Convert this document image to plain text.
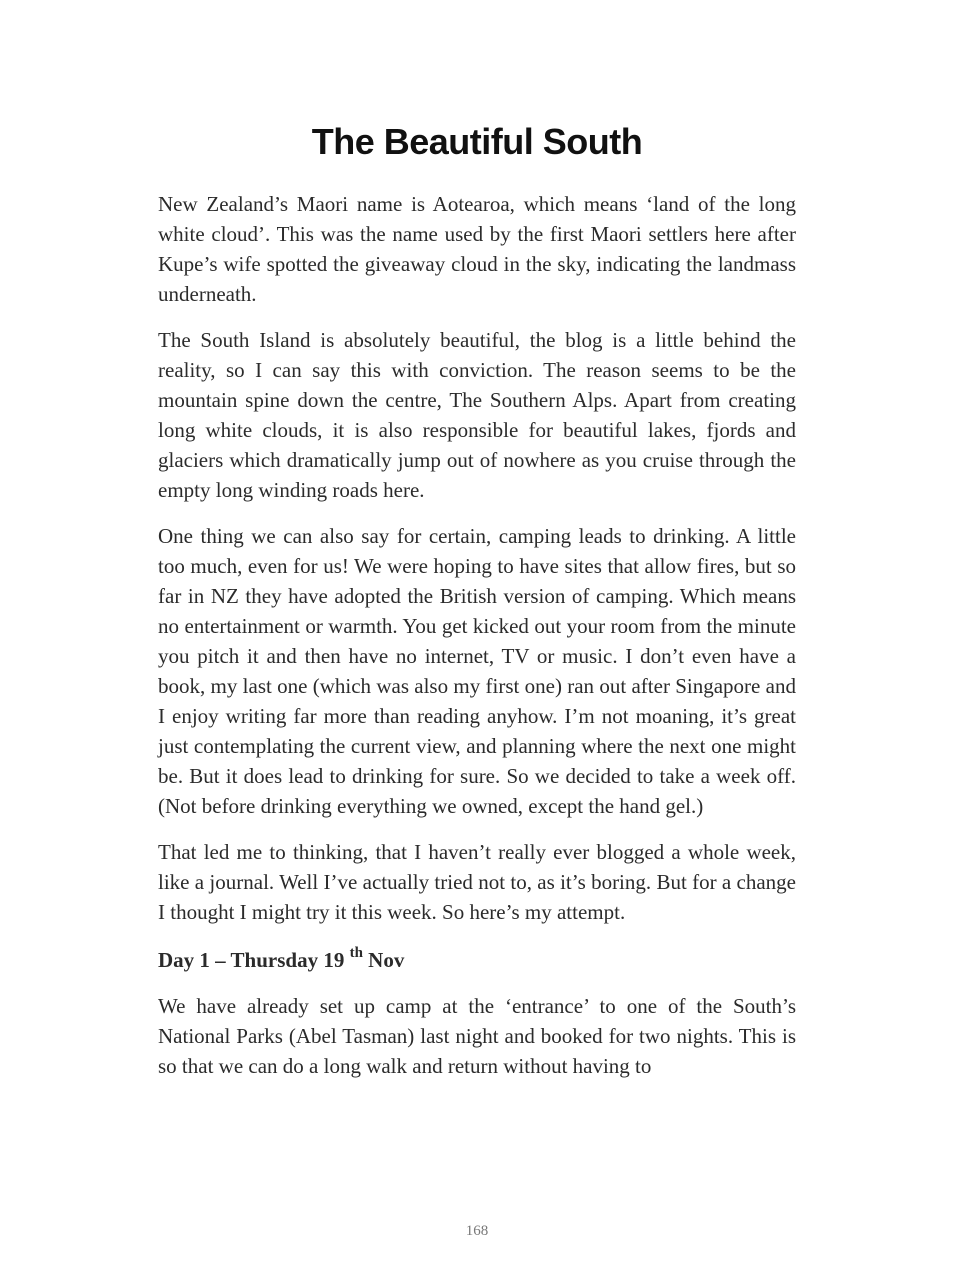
The Beautiful South

New Zealand’s Maori name is Aotearoa, which means ‘land of the long white cloud’. This was the name used by the first Maori settlers here after Kupe’s wife spotted the giveaway cloud in the sky, indicating the landmass underneath.

The South Island is absolutely beautiful, the blog is a little behind the reality, so I can say this with conviction. The reason seems to be the mountain spine down the centre, The Southern Alps. Apart from creating long white clouds, it is also responsible for beautiful lakes, fjords and glaciers which dramatically jump out of nowhere as you cruise through the empty long winding roads here.

One thing we can also say for certain, camping leads to drinking. A little too much, even for us! We were hoping to have sites that allow fires, but so far in NZ they have adopted the British version of camping. Which means no entertainment or warmth. You get kicked out your room from the minute you pitch it and then have no internet, TV or music. I don’t even have a book, my last one (which was also my first one) ran out after Singapore and I enjoy writing far more than reading anyhow. I’m not moaning, it’s great just contemplating the current view, and planning where the next one might be. But it does lead to drinking for sure. So we decided to take a week off. (Not before drinking everything we owned, except the hand gel.)

That led me to thinking, that I haven’t really ever blogged a whole week, like a journal. Well I’ve actually tried not to, as it’s boring. But for a change I thought I might try it this week. So here’s my attempt.

Day 1 – Thursday 19 $^{th}$ Nov

We have already set up camp at the ‘entrance’ to one of the South’s National Parks (Abel Tasman) last night and booked for two nights. This is so that we can do a long walk and return without having to

168
